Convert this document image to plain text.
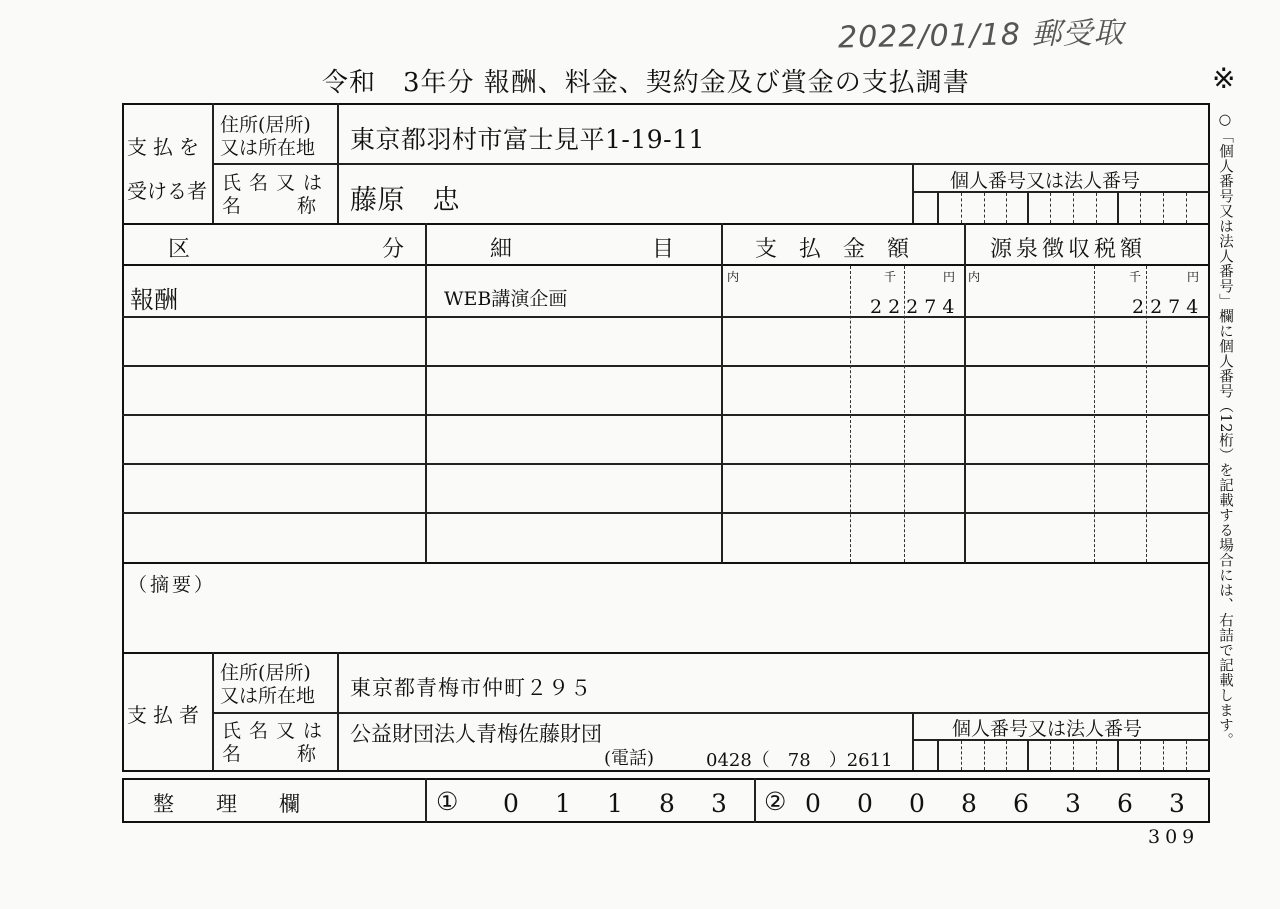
2022/01/18 郵受取
令和　3年分 報酬、料金、契約金及び賞金の支払調書	※
○「個人番号又は法人番号」欄に個人番号（12桁）を記載する場合には、右詰で記載します。
支払を
受ける者
住所(居所)
又は所在地 東京都羽村市富士見平1-19-11
氏名又は
名　　称 藤原　忠
個人番号又は法人番号
区	分	細	目	支　払　金　額	源泉徴収税額
内	千	円 内	千	円
報酬	WEB講演企画	22274	2274
（摘要）
支払者
住所(居所)
又は所在地 東京都青梅市仲町２９５
氏名又は
名　　称
公益財団法人青梅佐藤財団
(電話)	0428（　78　）2611
個人番号又は法人番号
整　　理　　欄	① 0 1 1 8 3 ② 0 0 0 8 6 3 6 3
309
